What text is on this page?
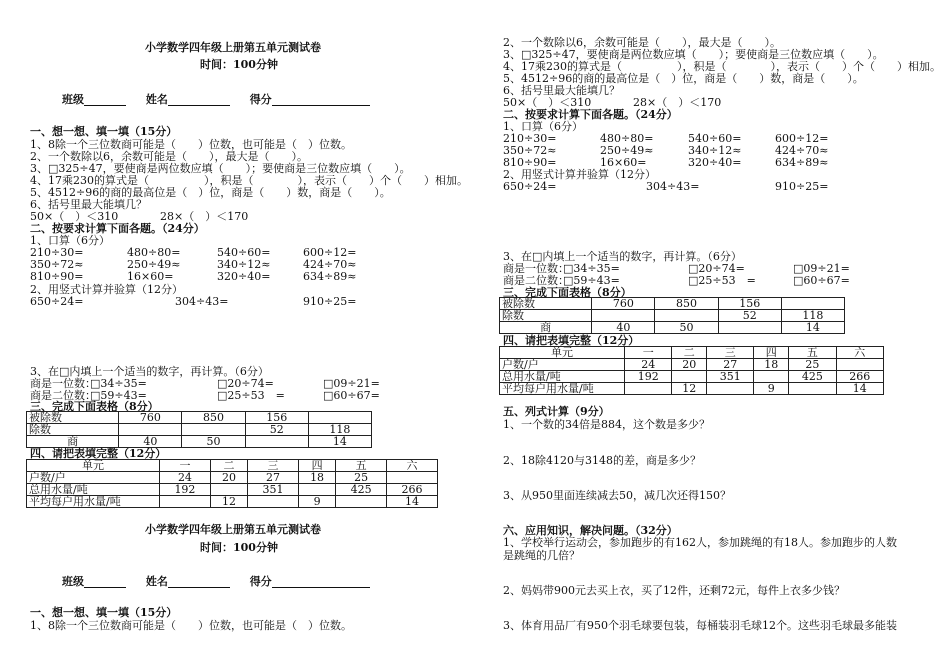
小学数学四年级上册第五单元测试卷
时间：100分钟
班级	姓名	得分
一、想一想、填一填（15分）
1、8除一个三位数商可能是（　　）位数，也可能是（　）位数。
2、一个数除以6，余数可能是（　　），最大是（　　）。
3、□325÷47，要使商是两位数应填（　　）；要使商是三位数应填（　　）。
4、17乘230的算式是（　　　　　），积是（　　　　），表示（　　）个（　　）相加。
5、4512÷96的商的最高位是（　）位，商是（　　）数，商是（　　）。
6、括号里最大能填几？
50×（　）＜310	28×（　）＜170
二、按要求计算下面各题。（24分）
1、口算（6分）
210÷30=	480÷80=	540÷60=	600÷12=
350÷72≈	250÷49≈	340÷12≈	424÷70≈
810÷90=	16×60=	320÷40=	634÷89≈
2、用竖式计算并验算（12分）
650÷24=	304÷43=	910÷25=
3、在□内填上一个适当的数字，再计算。（6分）
商是一位数：
□34÷35=	□20÷74=	□09÷21=
商是二位数：
□59÷43=	□25÷53　=	□60÷67=
三、完成下面表格（8分）
被除数	760	850	156	
除数			52	118
商	40	50		14
四、请把表填完整（12分）
单元	一	二	三	四	五	六
户数/户	24	20	27	18	25	
总用水量/吨	192		351		425	266
平均每户用水量/吨		12		9		14
小学数学四年级上册第五单元测试卷
时间：100分钟
班级	姓名	得分
一、想一想、填一填（15分）
1、8除一个三位数商可能是（　　）位数，也可能是（　）位数。
2、一个数除以6，余数可能是（　　），最大是（　　）。
3、□325÷47，要使商是两位数应填（　　）；要使商是三位数应填（　　）。
4、17乘230的算式是（　　　　　），积是（　　　　），表示（　　）个（　　）相加。
5、4512÷96的商的最高位是（　）位，商是（　　）数，商是（　　）。
6、括号里最大能填几？
50×（　）＜310	28×（　）＜170
二、按要求计算下面各题。（24分）
1、口算（6分）
210÷30=	480÷80=	540÷60=	600÷12=
350÷72≈	250÷49≈	340÷12≈	424÷70≈
810÷90=	16×60=	320÷40=	634÷89≈
2、用竖式计算并验算（12分）
650÷24=	304÷43=	910÷25=
3、在□内填上一个适当的数字，再计算。（6分）
商是一位数：
□34÷35=	□20÷74=	□09÷21=
商是二位数：
□59÷43=	□25÷53　=	□60÷67=
三、完成下面表格（8分）
被除数	760	850	156	
除数			52	118
商	40	50		14
四、请把表填完整（12分）
单元	一	二	三	四	五	六
户数/户	24	20	27	18	25	
总用水量/吨	192		351		425	266
平均每户用水量/吨		12		9		14
五、列式计算（9分）
1、一个数的34倍是884，这个数是多少？
2、18除4120与3148的差，商是多少？
3、从950里面连续减去50，减几次还得150？
六、应用知识，解决问题。（32分）
1、学校举行运动会，参加跑步的有162人，参加跳绳的有18人。参加跑步的人数
是跳绳的几倍？
2、妈妈带900元去买上衣，买了12件，还剩72元，每件上衣多少钱？
3、体育用品厂有950个羽毛球要包装，每桶装羽毛球12个。这些羽毛球最多能装
